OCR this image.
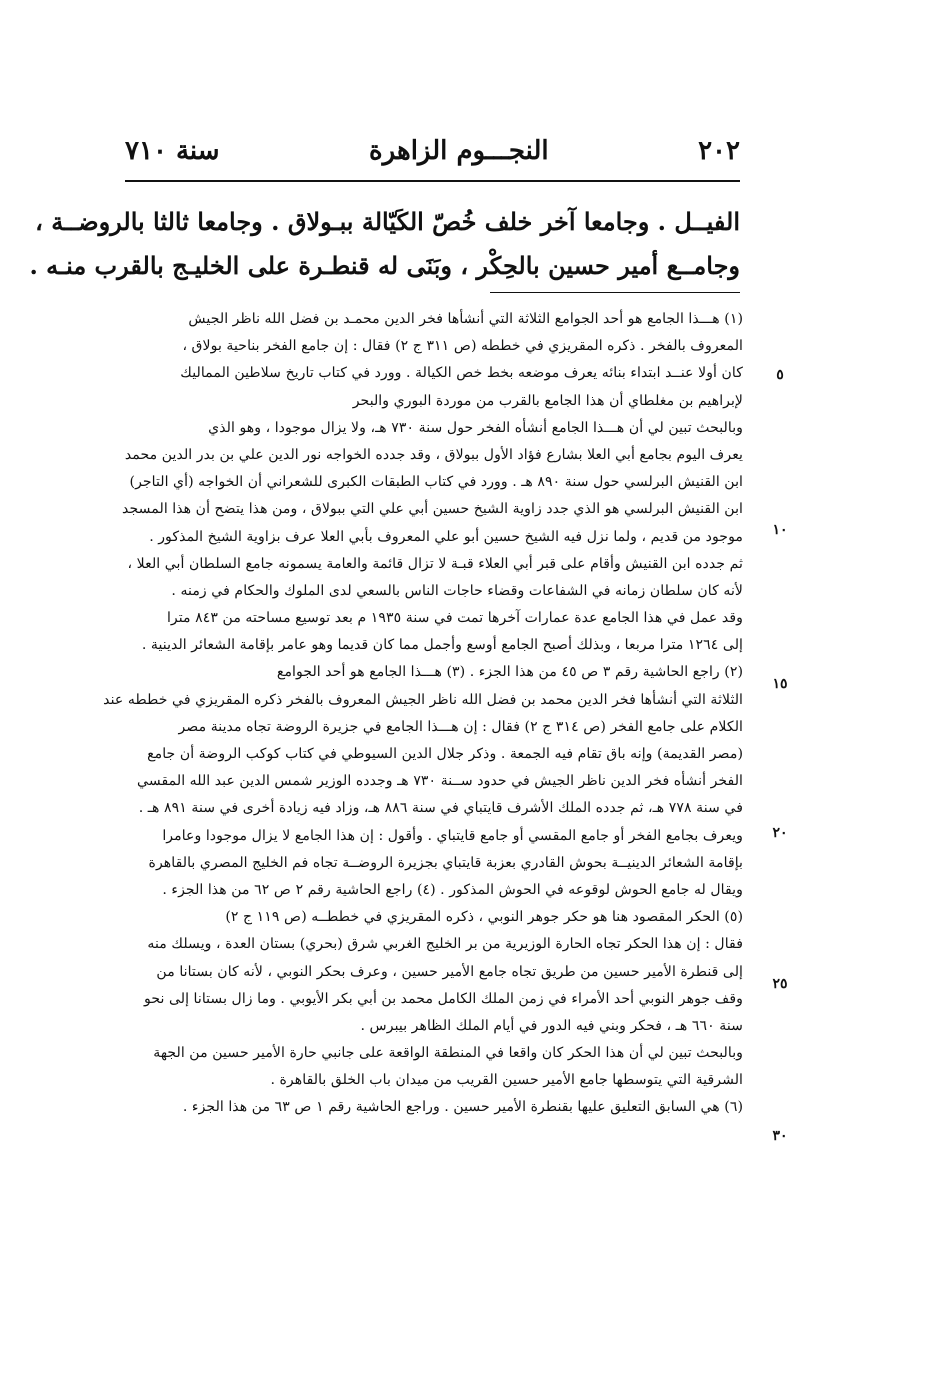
٢٠٢
النجـــوم الزاهرة
سنة ٧١٠
الفيــل . وجامعا آخر خلف خُصّ الكَيّالة ببـولاق . وجامعا ثالثا بالروضــة ،
وجامــع أمير حسين بالحِكْر ، وبَنَى له قنطـرة على الخليـج بالقرب منـه .
(١) هـــذا الجامع هو أحد الجوامع الثلاثة التي أنشأها فخر الدين محمـد بن فضل الله ناظر الجيش
المعروف بالفخر . ذكره المقريزي في خططه (ص ٣١١ ج ٢) فقال : إن جامع الفخر بناحية بولاق ،
كان أولا عنــد ابتداء بنائه يعرف موضعه بخط خص الكيالة . وورد في كتاب تاريخ سلاطين المماليك
لإبراهيم بن مغلطاي أن هذا الجامع بالقرب من موردة البوري والبحر
وبالبحث تبين لي أن هـــذا الجامع أنشأه الفخر حول سنة ٧٣٠ هـ، ولا يزال موجودا ، وهو الذي
يعرف اليوم بجامع أبي العلا بشارع فؤاد الأول ببولاق ، وقد جدده الخواجه نور الدين علي بن بدر الدين محمد
ابن القنيش البرلسي حول سنة ٨٩٠ هـ . وورد في كتاب الطبقات الكبرى للشعراني أن الخواجه (أي التاجر)
ابن القنيش البرلسي هو الذي جدد زاوية الشيخ حسين أبي علي التي ببولاق ، ومن هذا يتضح أن هذا المسجد
موجود من قديم ، ولما نزل فيه الشيخ حسين أبو علي المعروف بأبي العلا عرف بزاوية الشيخ المذكور .
ثم جدده ابن القنيش وأقام على قبر أبي العلاء قبـة لا تزال قائمة والعامة يسمونه جامع السلطان أبي العلا ،
لأنه كان سلطان زمانه في الشفاعات وقضاء حاجات الناس بالسعي لدى الملوك والحكام في زمنه .
وقد عمل في هذا الجامع عدة عمارات آخرها تمت في سنة ١٩٣٥ م بعد توسيع مساحته من ٨٤٣ مترا
إلى ١٢٦٤ مترا مربعا ، وبذلك أصبح الجامع أوسع وأجمل مما كان قديما وهو عامر بإقامة الشعائر الدينية .
(٢) راجع الحاشية رقم ٣ ص ٤٥ من هذا الجزء . (٣) هـــذا الجامع هو أحد الجوامع
الثلاثة التي أنشأها فخر الدين محمد بن فضل الله ناظر الجيش المعروف بالفخر ذكره المقريزي في خططه عند
الكلام على جامع الفخر (ص ٣١٤ ج ٢) فقال : إن هـــذا الجامع في جزيرة الروضة تجاه مدينة مصر
(مصر القديمة) وإنه باق تقام فيه الجمعة . وذكر جلال الدين السيوطي في كتاب كوكب الروضة أن جامع
الفخر أنشأه فخر الدين ناظر الجيش في حدود ســنة ٧٣٠ هـ وجدده الوزير شمس الدين عبد الله المقسي
في سنة ٧٧٨ هـ، ثم جدده الملك الأشرف قايتباي في سنة ٨٨٦ هـ، وزاد فيه زيادة أخرى في سنة ٨٩١ هـ .
ويعرف بجامع الفخر أو جامع المقسي أو جامع قايتباي . وأقول : إن هذا الجامع لا يزال موجودا وعامرا
بإقامة الشعائر الدينيــة بحوش القادري بعزبة قايتباي بجزيرة الروضــة تجاه فم الخليج المصري بالقاهرة
ويقال له جامع الحوش لوقوعه في الحوش المذكور . (٤) راجع الحاشية رقم ٢ ص ٦٢ من هذا الجزء .
(٥) الحكر المقصود هنا هو حكر جوهر النوبي ، ذكره المقريزي في خططــه (ص ١١٩ ج ٢)
فقال : إن هذا الحكر تجاه الحارة الوزيرية من بر الخليج الغربي شرق (بحري) بستان العدة ، ويسلك منه
إلى قنطرة الأمير حسين من طريق تجاه جامع الأمير حسين ، وعرف بحكر النوبي ، لأنه كان بستانا من
وقف جوهر النوبي أحد الأمراء في زمن الملك الكامل محمد بن أبي بكر الأيوبي . وما زال بستانا إلى نحو
سنة ٦٦٠ هـ ، فحكر وبني فيه الدور في أيام الملك الظاهر بيبرس .
وبالبحث تبين لي أن هذا الحكر كان واقعا في المنطقة الواقعة على جانبي حارة الأمير حسين من الجهة
الشرقية التي يتوسطها جامع الأمير حسين القريب من ميدان باب الخلق بالقاهرة .
(٦) هي السابق التعليق عليها بقنطرة الأمير حسين . وراجع الحاشية رقم ١ ص ٦٣ من هذا الجزء .
٥
١٠
١٥
٢٠
٢٥
٣٠
